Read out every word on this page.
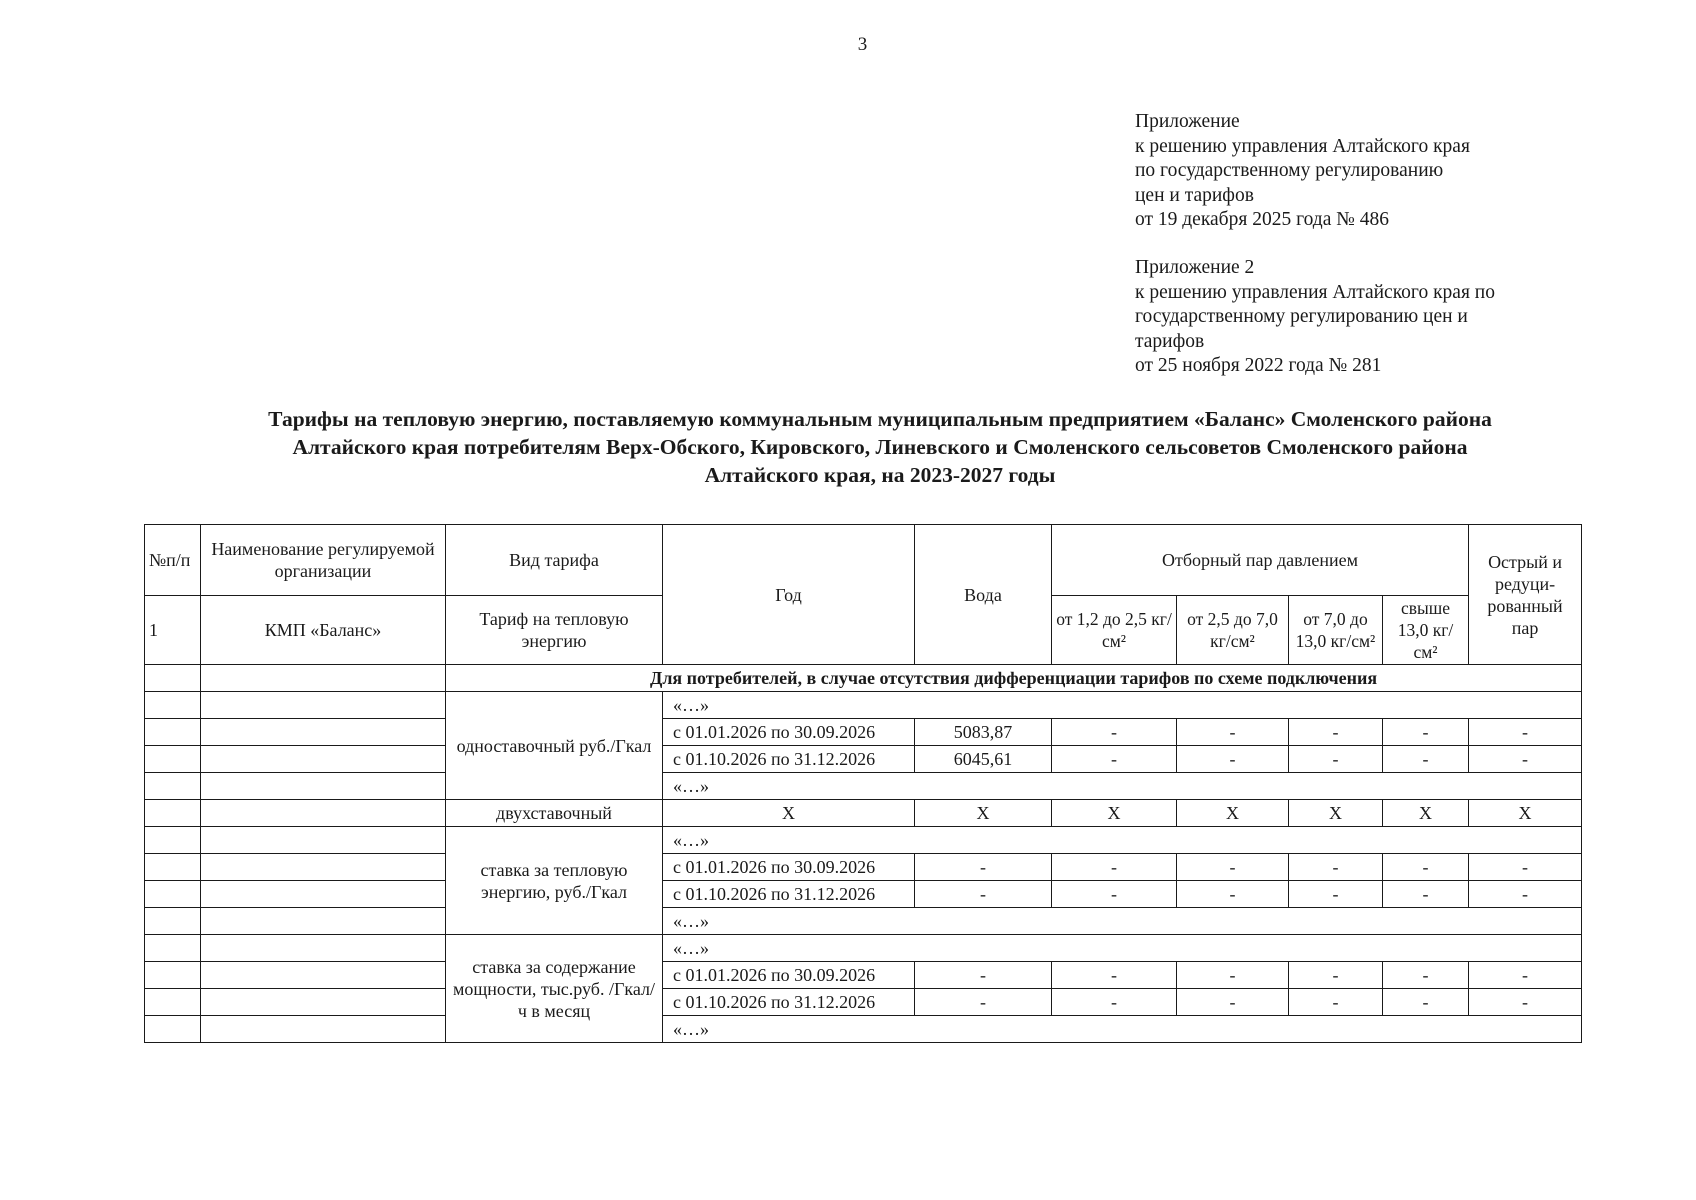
3
Приложение
к решению управления Алтайского края
по государственному регулированию
цен и тарифов
от 19 декабря 2025 года № 486
Приложение 2
к решению управления Алтайского края по
государственному регулированию цен и
тарифов
от 25 ноября 2022 года № 281
Тарифы на тепловую энергию, поставляемую коммунальным муниципальным предприятием «Баланс» Смоленского района
Алтайского края потребителям Верх-Обского, Кировского, Линевского и Смоленского сельсоветов Смоленского района
Алтайского края, на 2023-2027 годы
№п/п	Наименование регулируемой организации	Вид тарифа	Год	Вода	Отборный пар давлением				Острый и редуци-рованный пар
1	КМП «Баланс»	Тариф на тепловую энергию			от 1,2 до 2,5 кг/см²	от 2,5 до 7,0 кг/см²	от 7,0 до 13,0 кг/см²	свыше 13,0 кг/см²	
		Для потребителей, в случае отсутствия дифференциации тарифов по схеме подключения							
		одноставочный руб./Гкал	«…»						
			с 01.01.2026 по 30.09.2026	5083,87	-	-	-	-	-
			с 01.10.2026 по 31.12.2026	6045,61	-	-	-	-	-
			«…»						
		двухставочный	X	X	X	X	X	X	X
		ставка за тепловую энергию, руб./Гкал	«…»						
			с 01.01.2026 по 30.09.2026	-	-	-	-	-	-
			с 01.10.2026 по 31.12.2026	-	-	-	-	-	-
			«…»						
		ставка за содержание мощности, тыс.руб. /Гкал/ч в месяц	«…»						
			с 01.01.2026 по 30.09.2026	-	-	-	-	-	-
			с 01.10.2026 по 31.12.2026	-	-	-	-	-	-
			«…»						
